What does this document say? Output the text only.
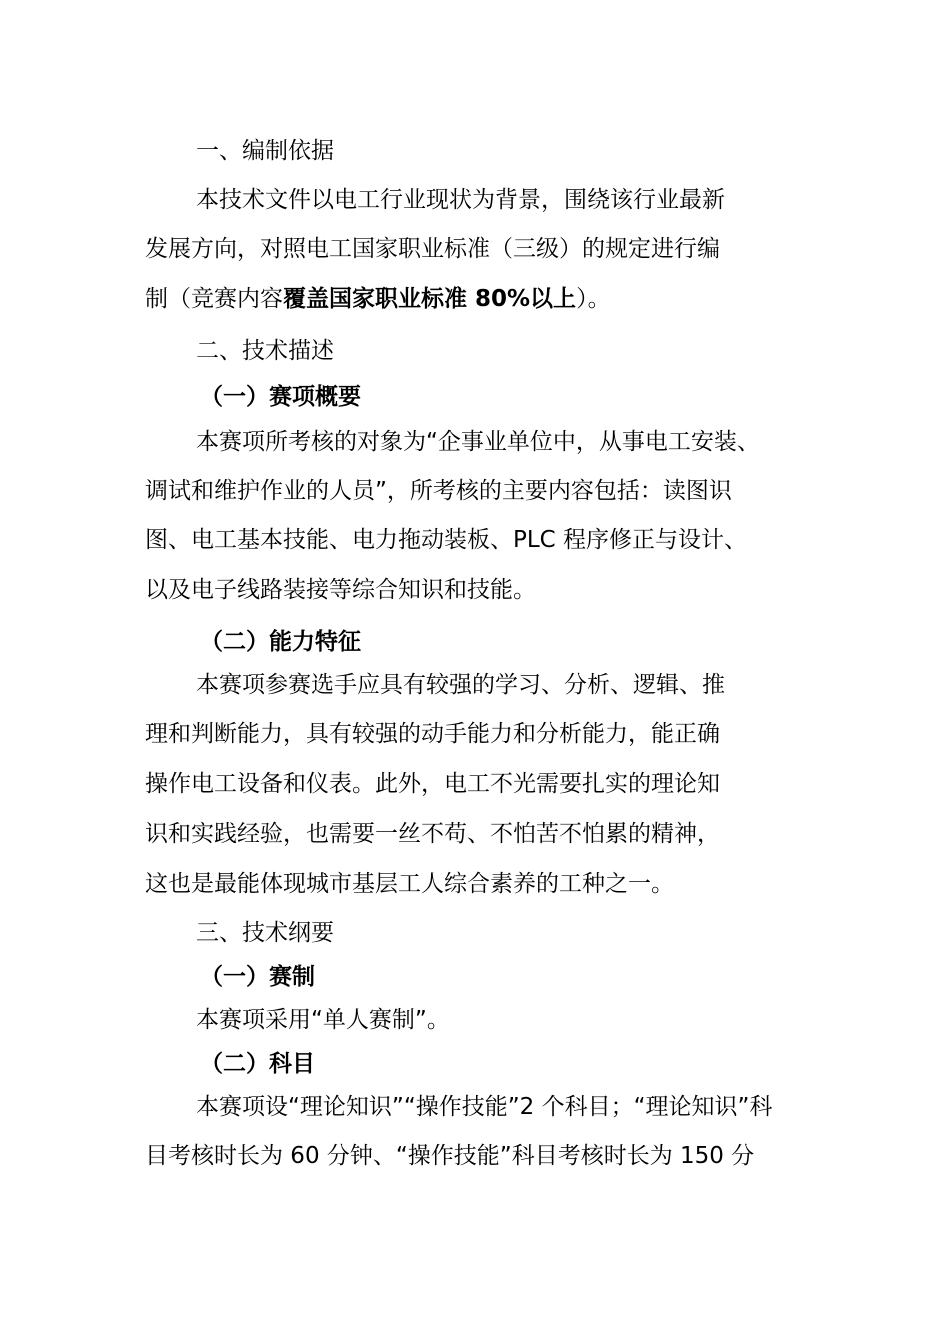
一、编制依据
本技术文件以电工行业现状为背景，围绕该行业最新
发展方向，对照电工国家职业标准（三级）的规定进行编
制（竞赛内容覆盖国家职业标准 80%以上）。
二、技术描述
（一）赛项概要
本赛项所考核的对象为“企事业单位中，从事电工安装、
调试和维护作业的人员”，所考核的主要内容包括：读图识
图、电工基本技能、电力拖动装板、PLC 程序修正与设计、
以及电子线路装接等综合知识和技能。
（二）能力特征
本赛项参赛选手应具有较强的学习、分析、逻辑、推
理和判断能力，具有较强的动手能力和分析能力，能正确
操作电工设备和仪表。此外，电工不光需要扎实的理论知
识和实践经验，也需要一丝不苟、不怕苦不怕累的精神，
这也是最能体现城市基层工人综合素养的工种之一。
三、技术纲要
（一）赛制
本赛项采用“单人赛制”。
（二）科目
本赛项设“理论知识”“操作技能”2 个科目；“理论知识”科
目考核时长为 60 分钟、“操作技能”科目考核时长为 150 分
